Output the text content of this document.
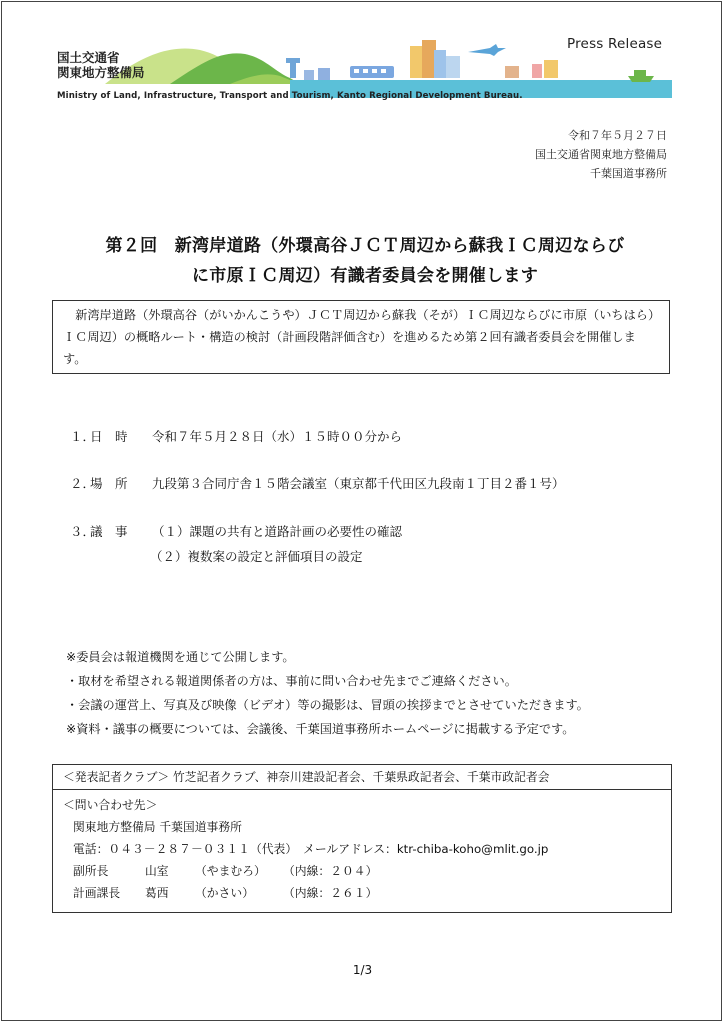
国土交通省
関東地方整備局
Press Release
Ministry of Land, Infrastructure, Transport and Tourism, Kanto Regional Development Bureau.
令和７年５月２７日
国土交通省関東地方整備局
千葉国道事務所
第２回　新湾岸道路（外環高谷ＪＣＴ周辺から蘇我ＩＣ周辺ならび
に市原ＩＣ周辺）有識者委員会を開催します
新湾岸道路（外環高谷（がいかんこうや）ＪＣＴ周辺から蘇我（そが）ＩＣ周辺ならびに市原（いちはら）ＩＣ周辺）の概略ルート・構造の検討（計画段階評価含む）を進めるため第２回有識者委員会を開催します。
１．日　時 令和７年５月２８日（水）１５時００分から
２．場　所 九段第３合同庁舎１５階会議室（東京都千代田区九段南１丁目２番１号）
３．議　事 （１）課題の共有と道路計画の必要性の確認
（２）複数案の設定と評価項目の設定
※委員会は報道機関を通じて公開します。
・取材を希望される報道関係者の方は、事前に問い合わせ先までご連絡ください。
・会議の運営上、写真及び映像（ビデオ）等の撮影は、冒頭の挨拶までとさせていただきます。
※資料・議事の概要については、会議後、千葉国道事務所ホームページに掲載する予定です。
＜発表記者クラブ＞ 竹芝記者クラブ、神奈川建設記者会、千葉県政記者会、千葉市政記者会
＜問い合わせ先＞
関東地方整備局 千葉国道事務所
電話：０４３－２８７－０３１１（代表）　メールアドレス：ktr-chiba-koho@mlit.go.jp
副所長	山室 （やまむろ） （内線：２０４）
計画課長 葛西 （かさい） （内線：２６１）
1/3
